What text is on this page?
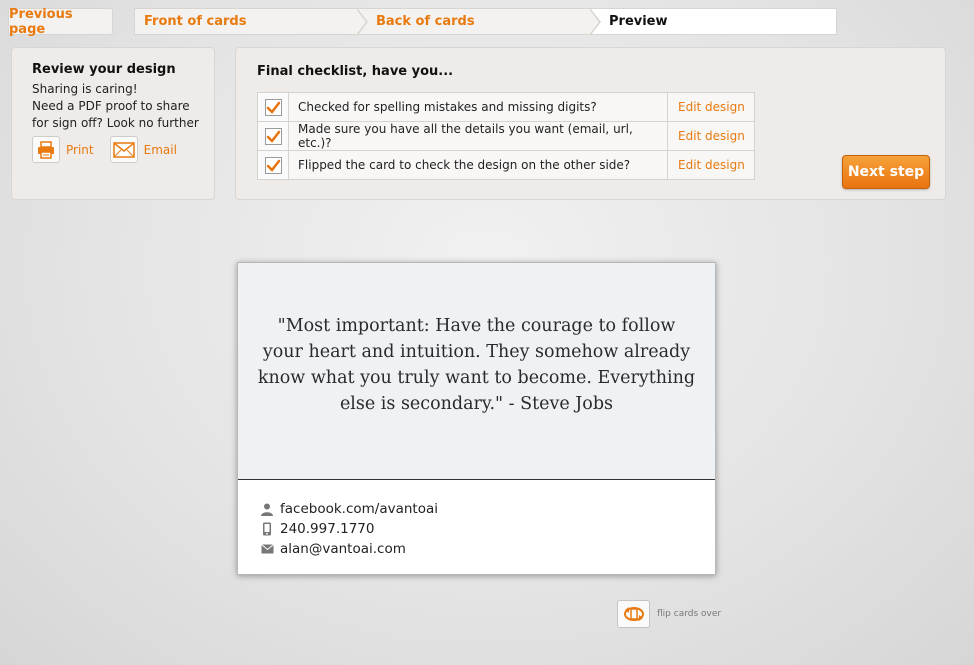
Previous page	Front of cards	Back of cards	Preview
Review your design
Sharing is caring!
Need a PDF proof to share for sign off? Look no further
Print	Email
Final checklist, have you...
	Checked for spelling mistakes and missing digits?	Edit design

	Made sure you have all the details you want (email, url, etc.)?	Edit design

	Flipped the card to check the design on the other side?	Edit design	Next step
"Most important: Have the courage to follow your heart and intuition. They somehow already know what you truly want to become. Everything else is secondary." - Steve Jobs
facebook.com/avantoai
240.997.1770
alan@vantoai.com
flip cards over
